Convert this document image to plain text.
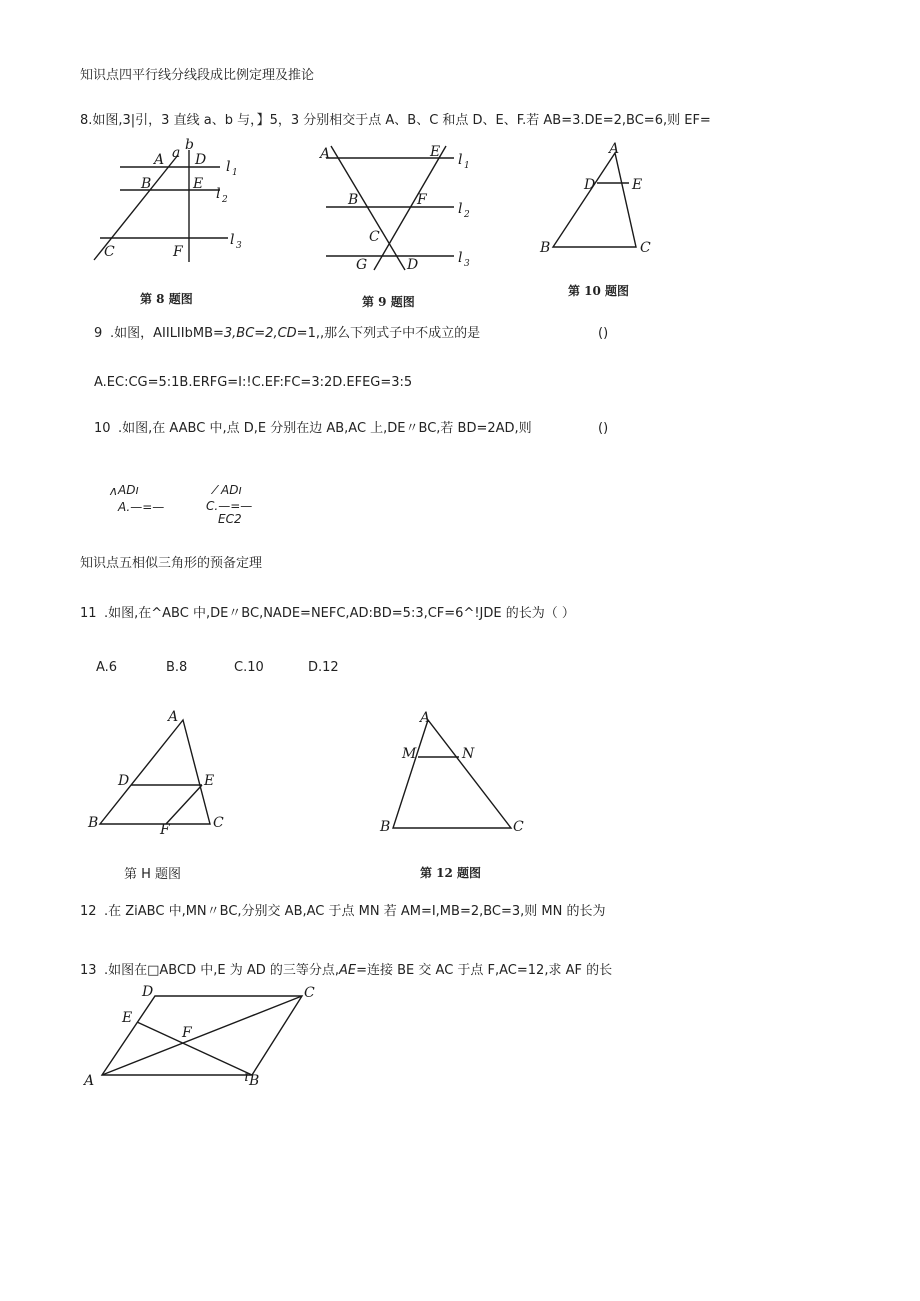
知识点四平行线分线段成比例定理及推论
8.如图,3|引，3 直线 a、b 与，】5，3 分别相交于点 A、B、C 和点 D、E、F.若 AB=3.DE=2,BC=6,则 EF=
A a b
D l 1
B	E
l 2
C	F
l 3
第 8 题图
A	E l 1
B	F
l 2
C
G	D	l 3
第 9 题图
A
D	E
B	C
第 10 题图
9 .如图，AIILIIbMB=3,BC=2,CD=1,,那么下列式子中不成立的是	()
A.EC:CG=5:1B.ERFG=I:!C.EF:FC=3:2D.EFEG=3:5
10 .如图,在 AABC 中,点 D,E 分别在边 AB,AC 上,DE〃BC,若 BD=2AD,则	()
ʌ ADı
A.—=—
⁄ ADı
C.—=—
EC2
知识点五相似三角形的预备定理
11 .如图,在^ABC 中,DE〃BC,NADE=NEFC,AD:BD=5:3,CF=6^!JDE 的长为（ ）
A.6	B.8	C.10	D.12
A
D	E
B	F	C
第 H 题图
A
M	N
B	C
第 12 题图
12 .在 ZiABC 中,MN〃BC,分别交 AB,AC 于点 MN 若 AM=I,MB=2,BC=3,则 MN 的长为
13 .如图在□ABCD 中,E 为 AD 的三等分点,AE=连接 BE 交 AC 于点 F,AC=12,求 AF 的长
D	C
E
F
A	ı B
